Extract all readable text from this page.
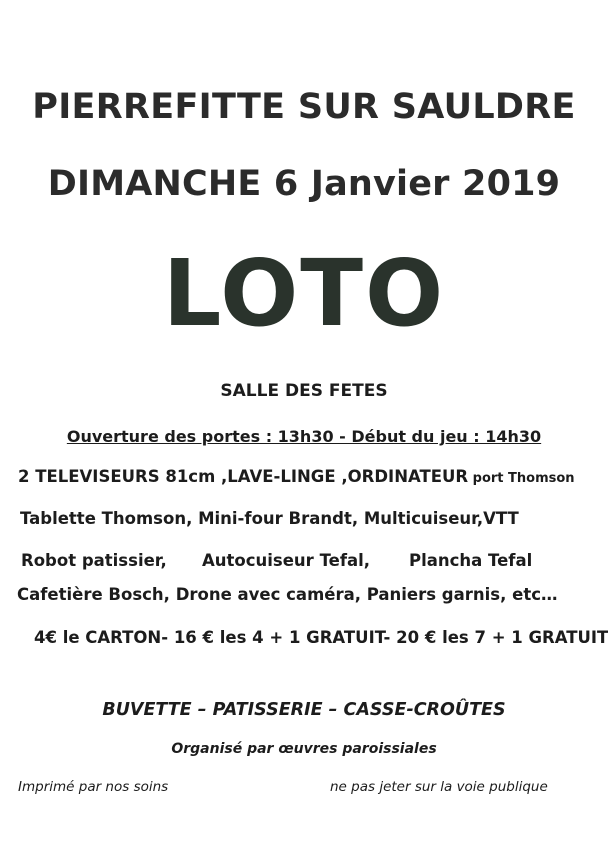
PIERREFITTE SUR SAULDRE
DIMANCHE 6 Janvier 2019
LOTO
SALLE DES FETES
Ouverture des portes : 13h30 - Début du jeu : 14h30
2 TELEVISEURS 81cm ,LAVE-LINGE ,ORDINATEUR port Thomson
Tablette Thomson, Mini-four Brandt, Multicuiseur,VTT
Robot patissier, Autocuiseur Tefal, Plancha Tefal
Cafetière Bosch, Drone avec caméra, Paniers garnis, etc…
4€ le CARTON- 16 € les 4 + 1 GRATUIT- 20 € les 7 + 1 GRATUIT
BUVETTE – PATISSERIE – CASSE-CROÛTES
Organisé par œuvres paroissiales
Imprimé par nos soins	ne pas jeter sur la voie publique
